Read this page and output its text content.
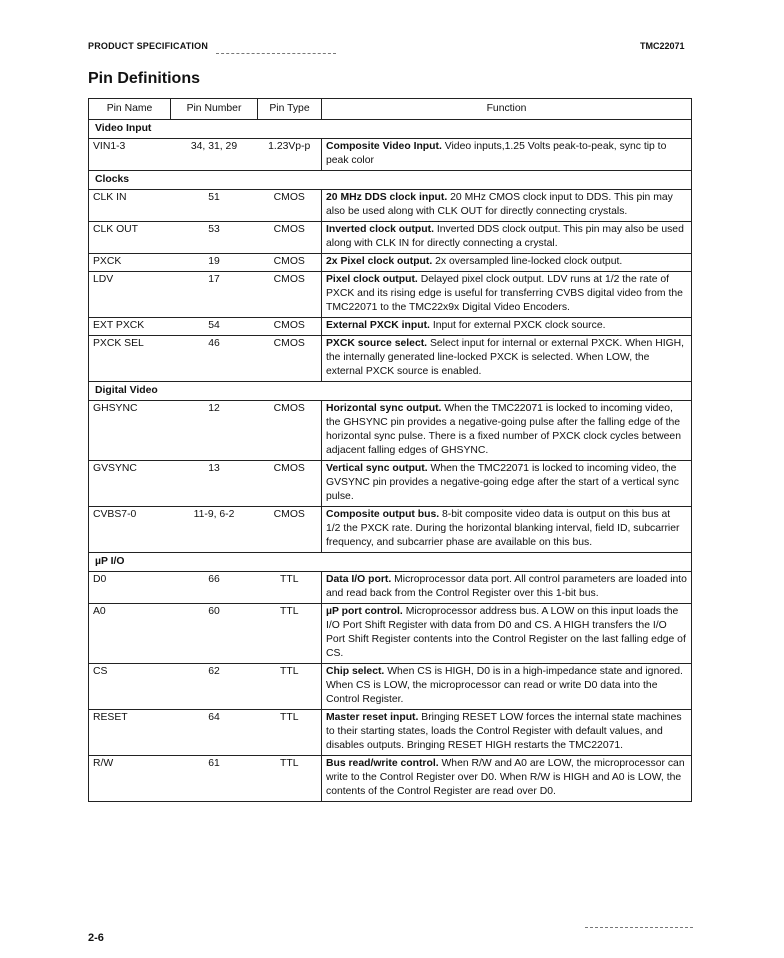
PRODUCT SPECIFICATION	TMC22071
Pin Definitions
Pin Name	Pin Number	Pin Type	Function
Video Input			
VIN1-3	34, 31, 29	1.23Vp-p	Composite Video Input. Video inputs,1.25 Volts peak-to-peak, sync tip to peak color
Clocks			
CLK IN	51	CMOS	20 MHz DDS clock input. 20 MHz CMOS clock input to DDS. This pin may also be used along with CLK OUT for directly connecting crystals.
CLK OUT	53	CMOS	Inverted clock output. Inverted DDS clock output. This pin may also be used along with CLK IN for directly connecting a crystal.
PXCK	19	CMOS	2x Pixel clock output. 2x oversampled line-locked clock output.
LDV	17	CMOS	Pixel clock output. Delayed pixel clock output. LDV runs at 1/2 the rate of PXCK and its rising edge is useful for transferring CVBS digital video from the TMC22071 to the TMC22x9x Digital Video Encoders.
EXT PXCK	54	CMOS	External PXCK input. Input for external PXCK clock source.
PXCK SEL	46	CMOS	PXCK source select. Select input for internal or external PXCK. When HIGH, the internally generated line-locked PXCK is selected. When LOW, the external PXCK source is enabled.
Digital Video			
GHSYNC	12	CMOS	Horizontal sync output. When the TMC22071 is locked to incoming video, the GHSYNC pin provides a negative-going pulse after the falling edge of the horizontal sync pulse. There is a fixed number of PXCK clock cycles between adjacent falling edges of GHSYNC.
GVSYNC	13	CMOS	Vertical sync output. When the TMC22071 is locked to incoming video, the GVSYNC pin provides a negative-going edge after the start of a vertical sync pulse.
CVBS7-0	11-9, 6-2	CMOS	Composite output bus. 8-bit composite video data is output on this bus at 1/2 the PXCK rate. During the horizontal blanking interval, field ID, subcarrier frequency, and subcarrier phase are available on this bus.
µP I/O			
D0	66	TTL	Data I/O port. Microprocessor data port. All control parameters are loaded into and read back from the Control Register over this 1-bit bus.
A0	60	TTL	µP port control. Microprocessor address bus. A LOW on this input loads the I/O Port Shift Register with data from D0 and CS. A HIGH transfers the I/O Port Shift Register contents into the Control Register on the last falling edge of CS.
CS	62	TTL	Chip select. When CS is HIGH, D0 is in a high-impedance state and ignored. When CS is LOW, the microprocessor can read or write D0 data into the Control Register.
RESET	64	TTL	Master reset input. Bringing RESET LOW forces the internal state machines to their starting states, loads the Control Register with default values, and disables outputs. Bringing RESET HIGH restarts the TMC22071.
R/W	61	TTL	Bus read/write control. When R/W and A0 are LOW, the microprocessor can write to the Control Register over D0. When R/W is HIGH and A0 is LOW, the contents of the Control Register are read over D0.
2-6
